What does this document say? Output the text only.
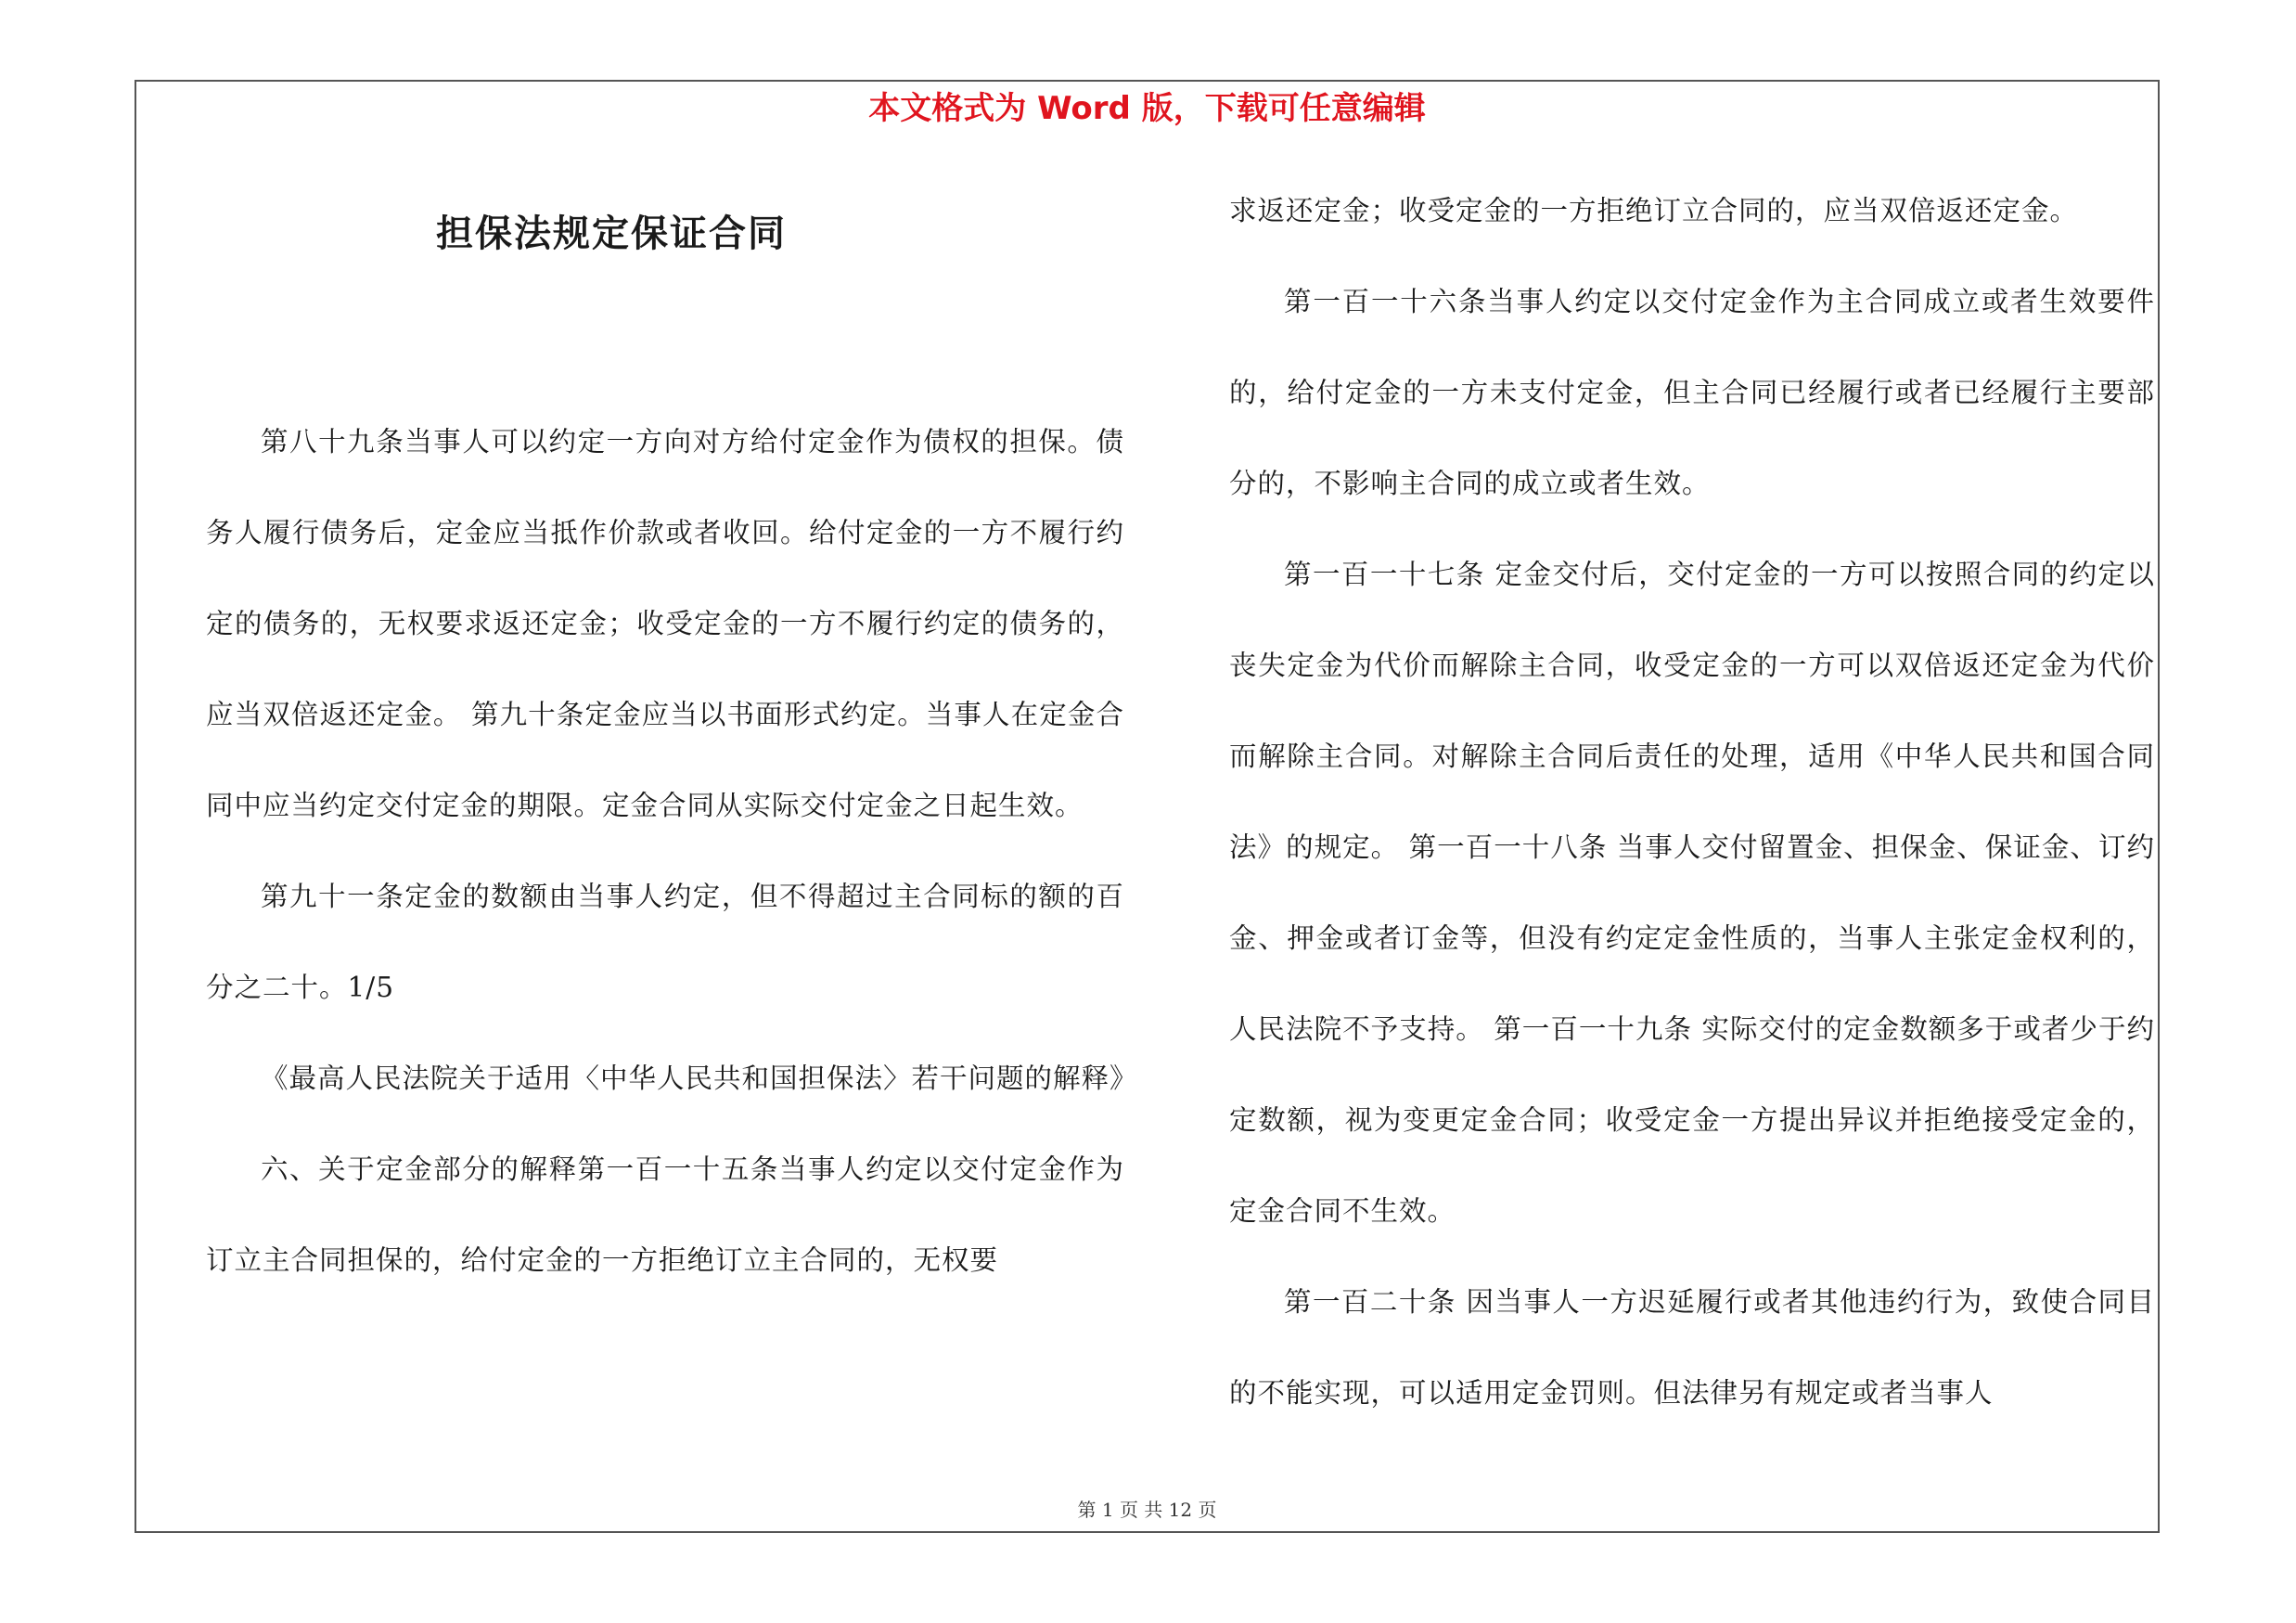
本文格式为 Word 版，下载可任意编辑
担保法规定保证合同

第八十九条当事人可以约定一方向对方给付定金作为债权的担保。债务人履行债务后，定金应当抵作价款或者收回。给付定金的一方不履行约定的债务的，无权要求返还定金；收受定金的一方不履行约定的债务的，应当双倍返还定金。 第九十条定金应当以书面形式约定。当事人在定金合同中应当约定交付定金的期限。定金合同从实际交付定金之日起生效。

第九十一条定金的数额由当事人约定，但不得超过主合同标的额的百分之二十。1/5

《最高人民法院关于适用〈中华人民共和国担保法〉若干问题的解释》

六、关于定金部分的解释第一百一十五条当事人约定以交付定金作为订立主合同担保的，给付定金的一方拒绝订立主合同的，无权要

求返还定金；收受定金的一方拒绝订立合同的，应当双倍返还定金。

第一百一十六条当事人约定以交付定金作为主合同成立或者生效要件的，给付定金的一方未支付定金，但主合同已经履行或者已经履行主要部分的，不影响主合同的成立或者生效。

第一百一十七条 定金交付后，交付定金的一方可以按照合同的约定以丧失定金为代价而解除主合同，收受定金的一方可以双倍返还定金为代价而解除主合同。对解除主合同后责任的处理，适用《中华人民共和国合同法》的规定。 第一百一十八条 当事人交付留置金、担保金、保证金、订约金、押金或者订金等，但没有约定定金性质的，当事人主张定金权利的，人民法院不予支持。 第一百一十九条 实际交付的定金数额多于或者少于约定数额，视为变更定金合同；收受定金一方提出异议并拒绝接受定金的，定金合同不生效。

第一百二十条 因当事人一方迟延履行或者其他违约行为，致使合同目的不能实现，可以适用定金罚则。但法律另有规定或者当事人

第 1 页 共 12 页
